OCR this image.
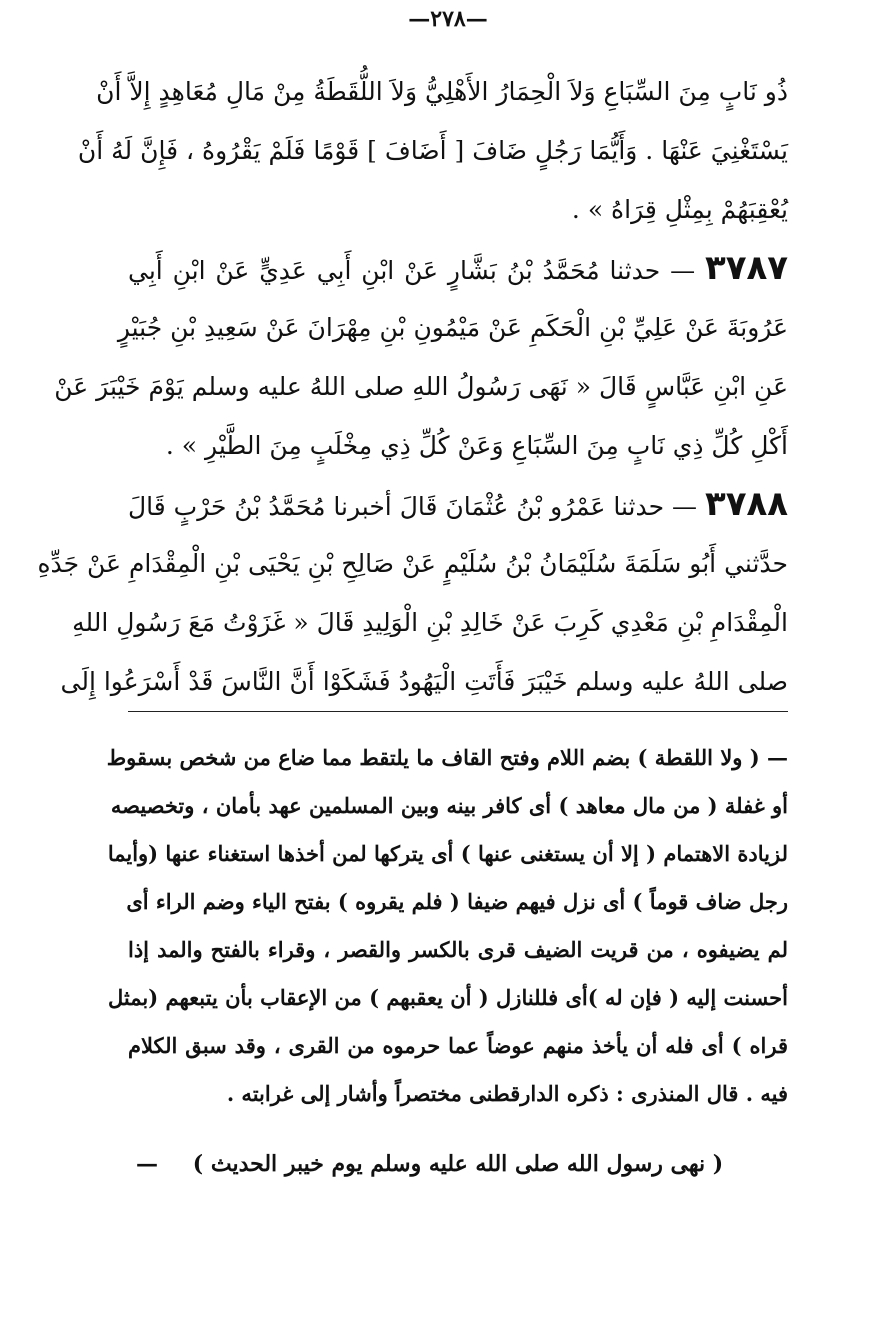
—٢٧٨—
ذُو نَابٍ مِنَ السِّبَاعِ وَلاَ الْحِمَارُ الأَهْلِيُّ وَلاَ اللُّقَطَةُ مِنْ مَالِ مُعَاهِدٍ إِلاَّ أَنْ
يَسْتَغْنِيَ عَنْهَا . وَأَيُّمَا رَجُلٍ ضَافَ [ أَضَافَ ] قَوْمًا فَلَمْ يَقْرُوهُ ، فَإِنَّ لَهُ أَنْ
يُعْقِبَهُمْ بِمِثْلِ قِرَاهُ » .
٣٧٨٧ — حدثنا مُحَمَّدُ بْنُ بَشَّارٍ عَنْ ابْنِ أَبِي عَدِيٍّ عَنْ ابْنِ أَبِي
عَرُوبَةَ عَنْ عَلِيِّ بْنِ الْحَكَمِ عَنْ مَيْمُونِ بْنِ مِهْرَانَ عَنْ سَعِيدِ بْنِ جُبَيْرٍ
عَنِ ابْنِ عَبَّاسٍ قَالَ « نَهَى رَسُولُ اللهِ صلى اللهُ عليه وسلم يَوْمَ خَيْبَرَ عَنْ
أَكْلِ كُلِّ ذِي نَابٍ مِنَ السِّبَاعِ وَعَنْ كُلِّ ذِي مِخْلَبٍ مِنَ الطَّيْرِ » .
٣٧٨٨ — حدثنا عَمْرُو بْنُ عُثْمَانَ قَالَ أخبرنا مُحَمَّدُ بْنُ حَرْبٍ قَالَ
حدَّثني أَبُو سَلَمَةَ سُلَيْمَانُ بْنُ سُلَيْمٍ عَنْ صَالِحِ بْنِ يَحْيَى بْنِ الْمِقْدَامِ عَنْ جَدِّهِ
الْمِقْدَامِ بْنِ مَعْدِي كَرِبَ عَنْ خَالِدِ بْنِ الْوَلِيدِ قَالَ « غَزَوْتُ مَعَ رَسُولِ اللهِ
صلى اللهُ عليه وسلم خَيْبَرَ فَأَتَتِ الْيَهُودُ فَشَكَوْا أَنَّ النَّاسَ قَدْ أَسْرَعُوا إِلَى
— ( ولا اللقطة ) بضم اللام وفتح القاف ما يلتقط مما ضاع من شخص بسقوط
أو غفلة ( من مال معاهد ) أى كافر بينه وبين المسلمين عهد بأمان ، وتخصيصه
لزيادة الاهتمام ( إلا أن يستغنى عنها ) أى يتركها لمن أخذها استغناء عنها (وأيما
رجل ضاف قوماً ) أى نزل فيهم ضيفا ( فلم يقروه ) بفتح الياء وضم الراء أى
لم يضيفوه ، من قريت الضيف قرى بالكسر والقصر ، وقراء بالفتح والمد إذا
أحسنت إليه ( فإن له )أى فللنازل ( أن يعقبهم ) من الإعقاب بأن يتبعهم (بمثل
قراه ) أى فله أن يأخذ منهم عوضاً عما حرموه من القرى ، وقد سبق الكلام
فيه . قال المنذرى : ذكره الدارقطنى مختصراً وأشار إلى غرابته .
( نهى رسول الله صلى الله عليه وسلم يوم خيبر الحديث )
—
